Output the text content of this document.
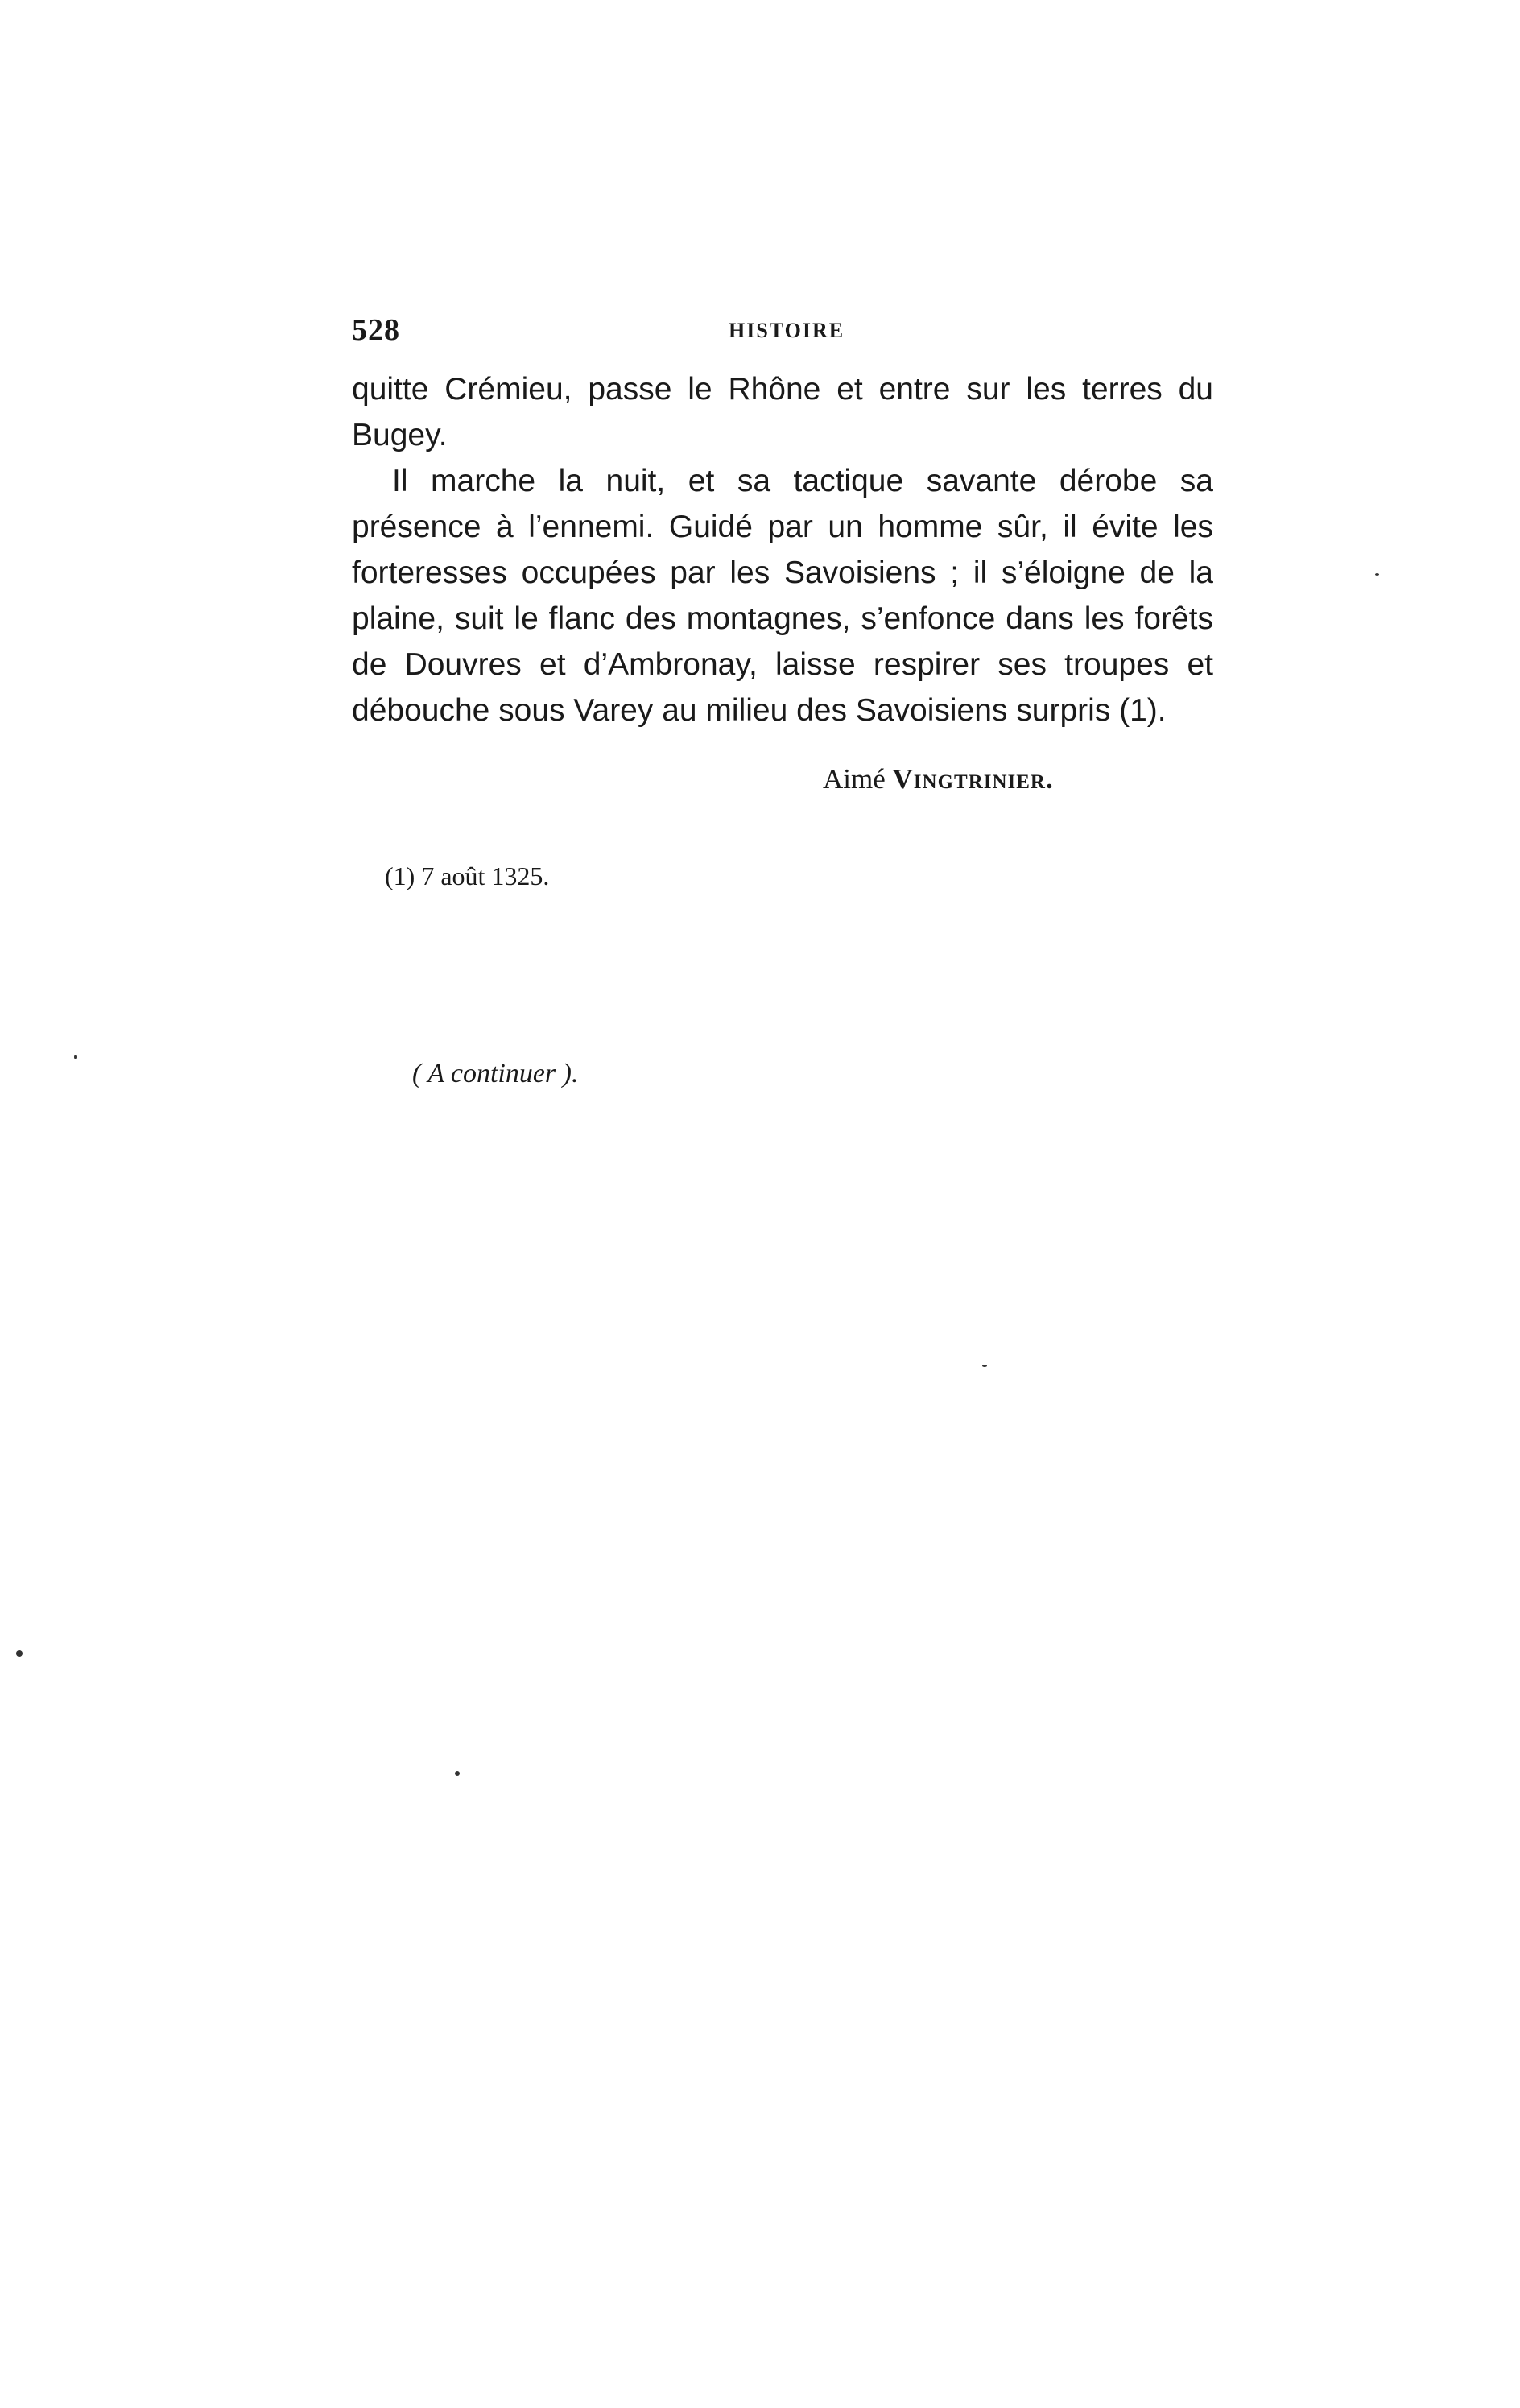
528	HISTOIRE

quitte Crémieu, passe le Rhône et entre sur les terres du Bugey.

Il marche la nuit, et sa tactique savante dérobe sa présence à l’ennemi. Guidé par un homme sûr, il évite les forteresses occupées par les Savoisiens ; il s’éloigne de la plaine, suit le flanc des montagnes, s’enfonce dans les forêts de Douvres et d’Ambronay, laisse respirer ses troupes et débouche sous Varey au milieu des Savoisiens surpris (1).

Aimé Vingtrinier.
(1) 7 août 1325.
( A continuer ).
